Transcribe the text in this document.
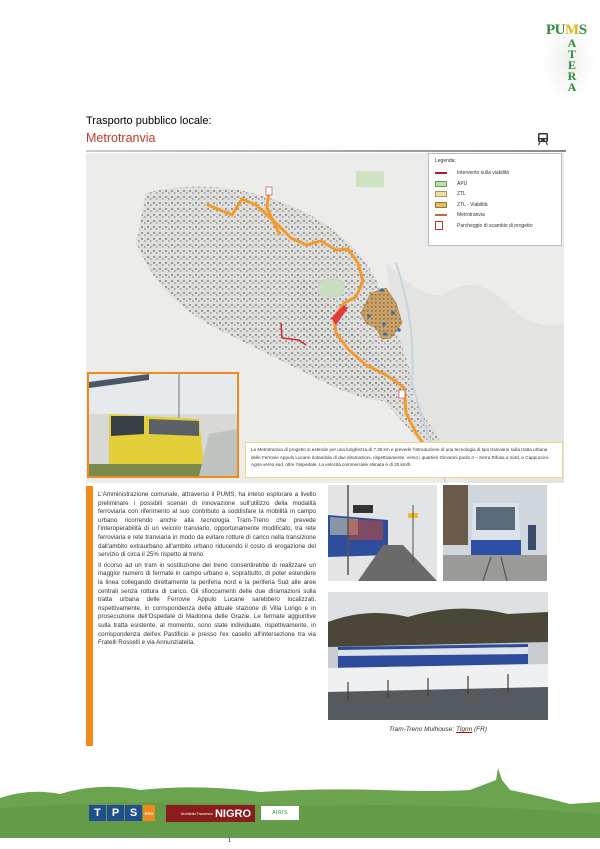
PUMS
A
T
E
R
A
Trasporto pubblico locale:
Metrotranvia
Legenda:
Intervento sulla viabilità
APU
ZTL
ZTL - Viabilità
Metrotranvia
Parcheggio di scambio di progetto
La Metrotranvia di progetto si estende per una lunghezza di 7.36 km e prevede l'introduzione di una tecnologia di tipo tranviario sulla tratta urbana delle Ferrovie Appulo Lucane dotandola di due diramazioni, rispettivamente, verso i quartieri Giovanni paolo II – Serra Rifusa a nord, e Cappuccini-Agna verso sud, oltre l'ospedale. La velocità commerciale stimata è di 20 km/h.

L'Amministrazione comunale, attraverso il PUMS, ha inteso esplorare a livello preliminare i possibili scenari di innovazione sull'utilizzo della modalità ferroviaria con riferimento al suo contributo a soddisfare la mobilità in campo urbano ricorrendo anche alla tecnologia Tram-Treno che prevede l'interoperabilità di un veicolo tranviario, opportunamente modificato, tra rete ferroviaria e rete tranviaria in modo da evitare rotture di carico nella transizione dall'ambito extraurbano all'ambito urbano riducendo il costo di erogazione del servizio di circa il 25% rispetto al treno

Il ricorso ad un tram in sostituzione del treno consentirebbe di realizzare un maggior numero di fermate in campo urbano e, soprattutto, di poter estendere la linea collegando direttamente la periferia nord e la periferia Sud alle aree centrali senza rottura di carico. Gli sfioccamenti delle due diramazioni sulla tratta urbana delle Ferrovie Appulo Lucane sarebbero localizzati, rispettivamente, in corrispondenza della attuale stazione di Villa Longo e in prosecuzione dell'Ospedale di Madonna delle Grazie. Le fermate aggiuntive sulla tratta esistente, al momento, sono state individuate, rispettivamente, in corrispondenza dell'ex Pastificio e presso l'ex casello all'intersezione tra via Fratelli Rosselli e via Annunziatella.

Tram-Treno Mulhouse: Tlgnn (FR)
T P S	PRO	Architetto Francesco NIGRO	AIRIS
1
